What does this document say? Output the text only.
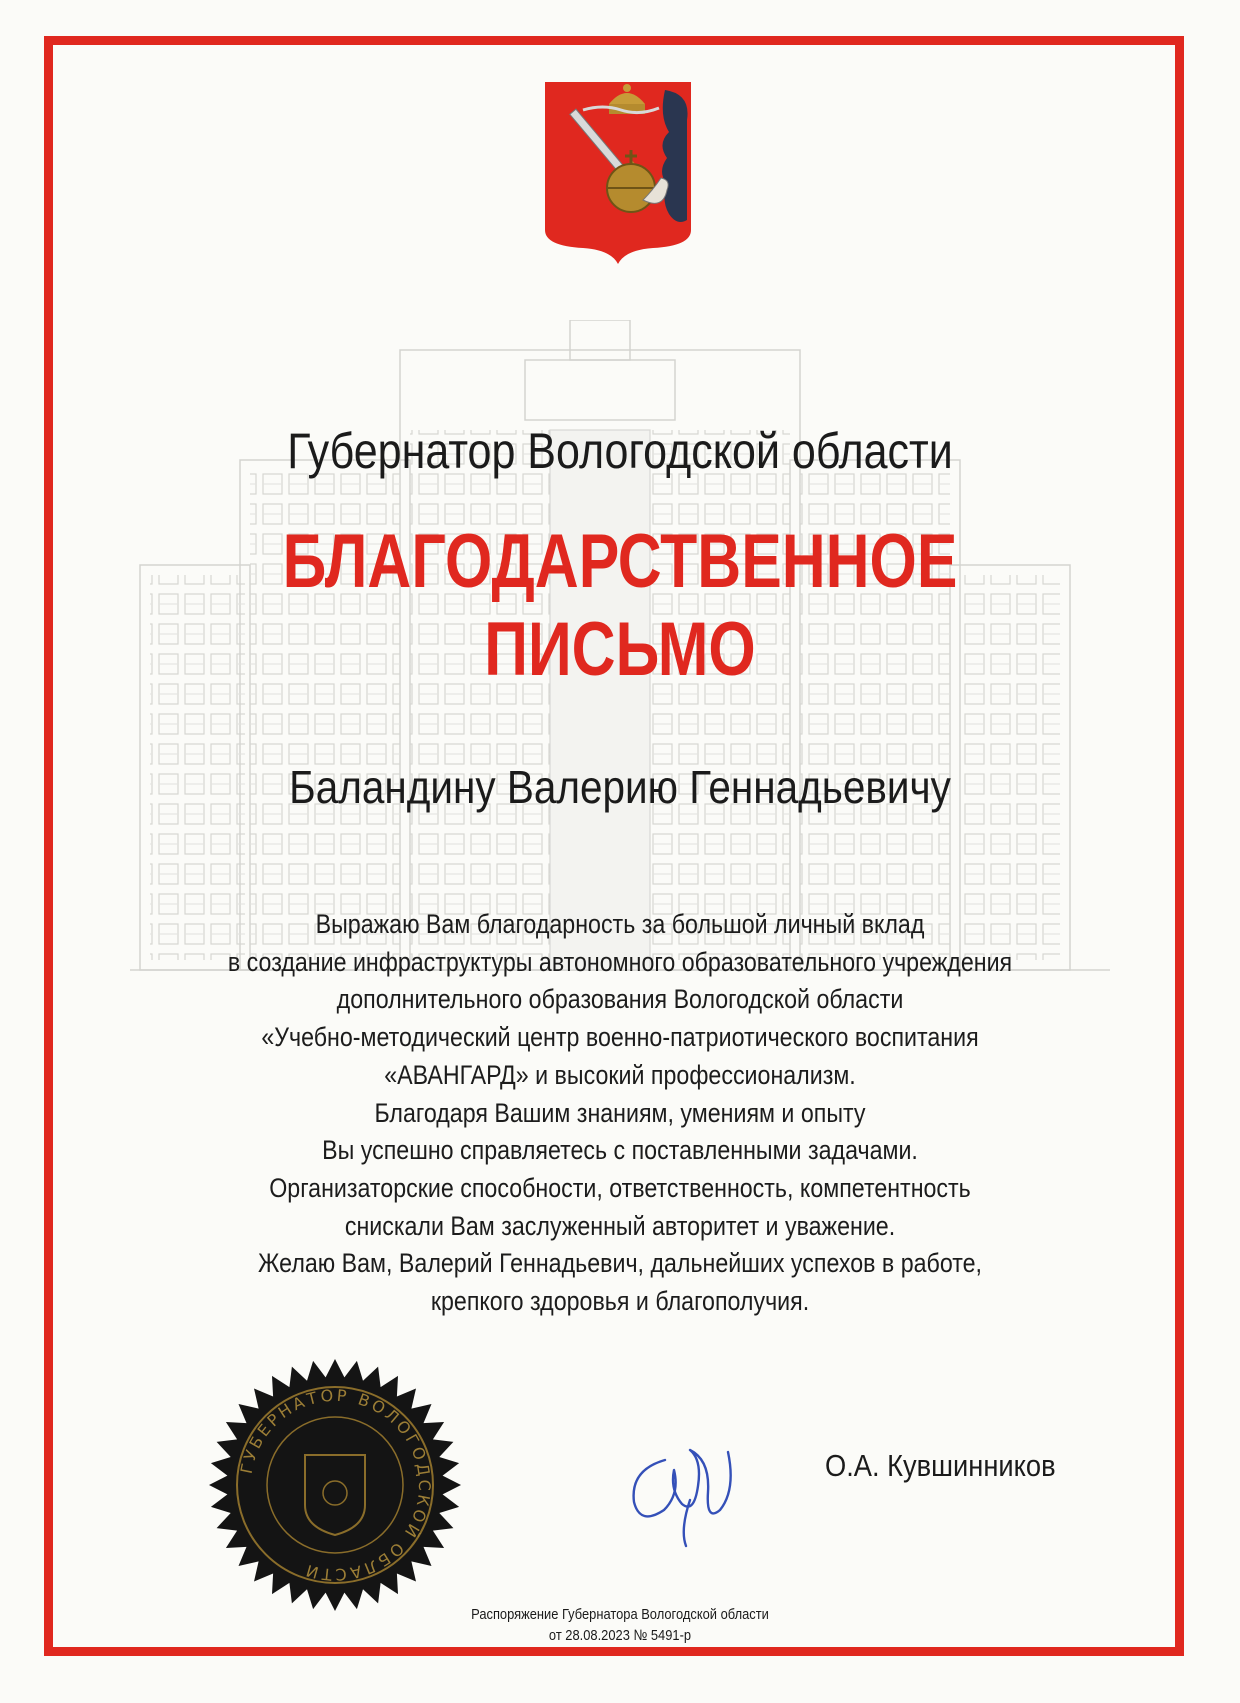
Губернатор Вологодской области
БЛАГОДАРСТВЕННОЕ
ПИСЬМО
Баландину Валерию Геннадьевичу
Выражаю Вам благодарность за большой личный вклад
в создание инфраструктуры автономного образовательного учреждения
дополнительного образования Вологодской области
«Учебно-методический центр военно-патриотического воспитания
«АВАНГАРД» и высокий профессионализм.
Благодаря Вашим знаниям, умениям и опыту
Вы успешно справляетесь с поставленными задачами.
Организаторские способности, ответственность, компетентность
снискали Вам заслуженный авторитет и уважение.
Желаю Вам, Валерий Геннадьевич, дальнейших успехов в работе,
крепкого здоровья и благополучия.
ГУБЕРНАТОР ВОЛОГОДСКОЙ ОБЛАСТИ
О.А. Кувшинников
Распоряжение Губернатора Вологодской области
от 28.08.2023 № 5491-р
